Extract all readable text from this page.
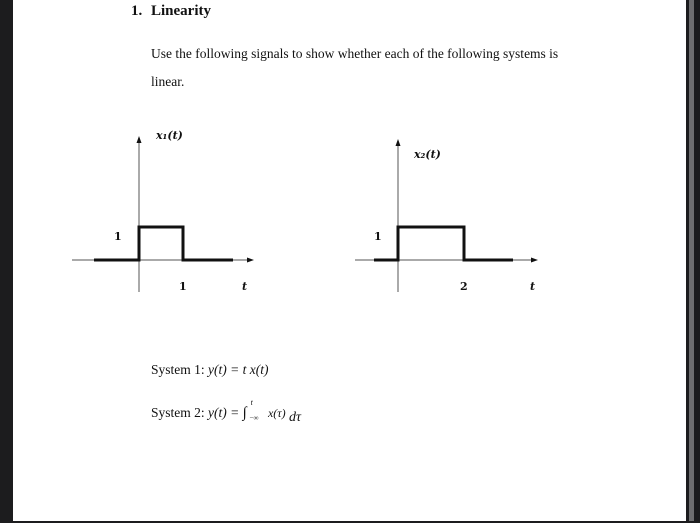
1. Linearity
Use the following signals to show whether each of the following systems is linear.
x₁(t)
1
1	t
x₂(t)
1
2	t
System 1: y(t) = t x(t)
System 2: y(t) = ∫
t
−∞ x(τ) dτ
